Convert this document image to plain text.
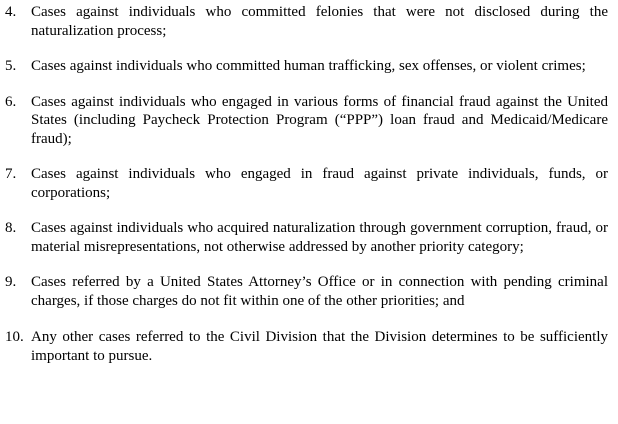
4. Cases against individuals who committed felonies that were not disclosed during the naturalization process;
5. Cases against individuals who committed human trafficking, sex offenses, or violent crimes;
6. Cases against individuals who engaged in various forms of financial fraud against the United States (including Paycheck Protection Program (“PPP”) loan fraud and Medicaid/Medicare fraud);
7. Cases against individuals who engaged in fraud against private individuals, funds, or corporations;
8. Cases against individuals who acquired naturalization through government corruption, fraud, or material misrepresentations, not otherwise addressed by another priority category;
9. Cases referred by a United States Attorney’s Office or in connection with pending criminal charges, if those charges do not fit within one of the other priorities; and
10. Any other cases referred to the Civil Division that the Division determines to be sufficiently important to pursue.
